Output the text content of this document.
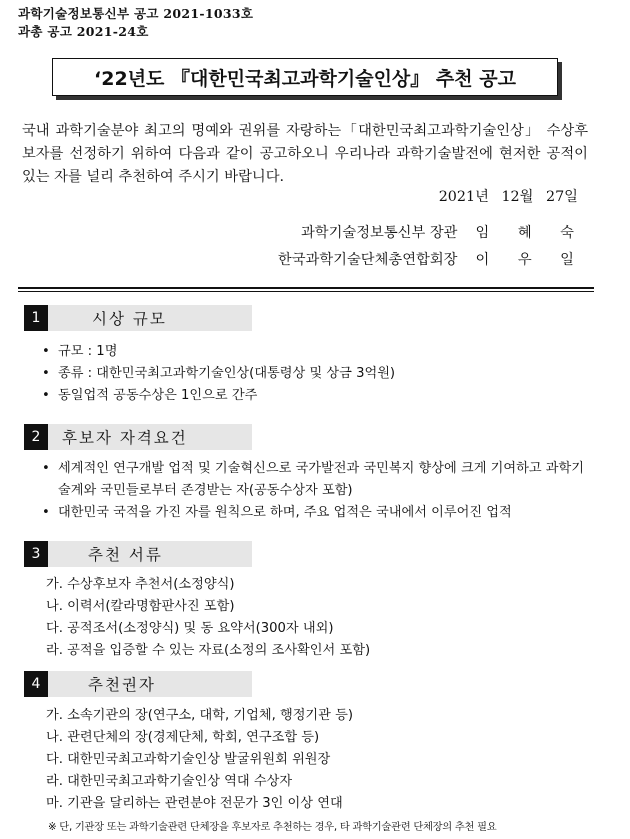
과학기술정보통신부 공고 2021-1033호
과총 공고 2021-24호
‘22년도 『대한민국최고과학기술인상』 추천 공고

국내 과학기술분야 최고의 명예와 권위를 자랑하는「대한민국최고과학기술인상」 수상후보자를 선정하기 위하여 다음과 같이 공고하오니 우리나라 과학기술발전에 현저한 공적이 있는 자를 널리 추천하여 주시기 바랍니다.

2021년 12월 27일
과학기술정보통신부 장관 임 혜 숙
한국과학기술단체총연합회장 이 우 일
1	시상 규모
• 규모 : 1명
• 종류 : 대한민국최고과학기술인상(대통령상 및 상금 3억원)
• 동일업적 공동수상은 1인으로 간주
2	후보자 자격요건
• 세계적인 연구개발 업적 및 기술혁신으로 국가발전과 국민복지 향상에 크게 기여하고 과학기술계와 국민들로부터 존경받는 자(공동수상자 포함)
• 대한민국 국적을 가진 자를 원칙으로 하며, 주요 업적은 국내에서 이루어진 업적
3	추천 서류
가. 수상후보자 추천서(소정양식)
나. 이력서(칼라명함판사진 포함)
다. 공적조서(소정양식) 및 동 요약서(300자 내외)
라. 공적을 입증할 수 있는 자료(소정의 조사확인서 포함)
4	추천권자
가. 소속기관의 장(연구소, 대학, 기업체, 행정기관 등)
나. 관련단체의 장(경제단체, 학회, 연구조합 등)
다. 대한민국최고과학기술인상 발굴위원회 위원장
라. 대한민국최고과학기술인상 역대 수상자
마. 기관을 달리하는 관련분야 전문가 3인 이상 연대
※ 단, 기관장 또는 과학기술관련 단체장을 후보자로 추천하는 경우, 타 과학기술관련 단체장의 추천 필요
